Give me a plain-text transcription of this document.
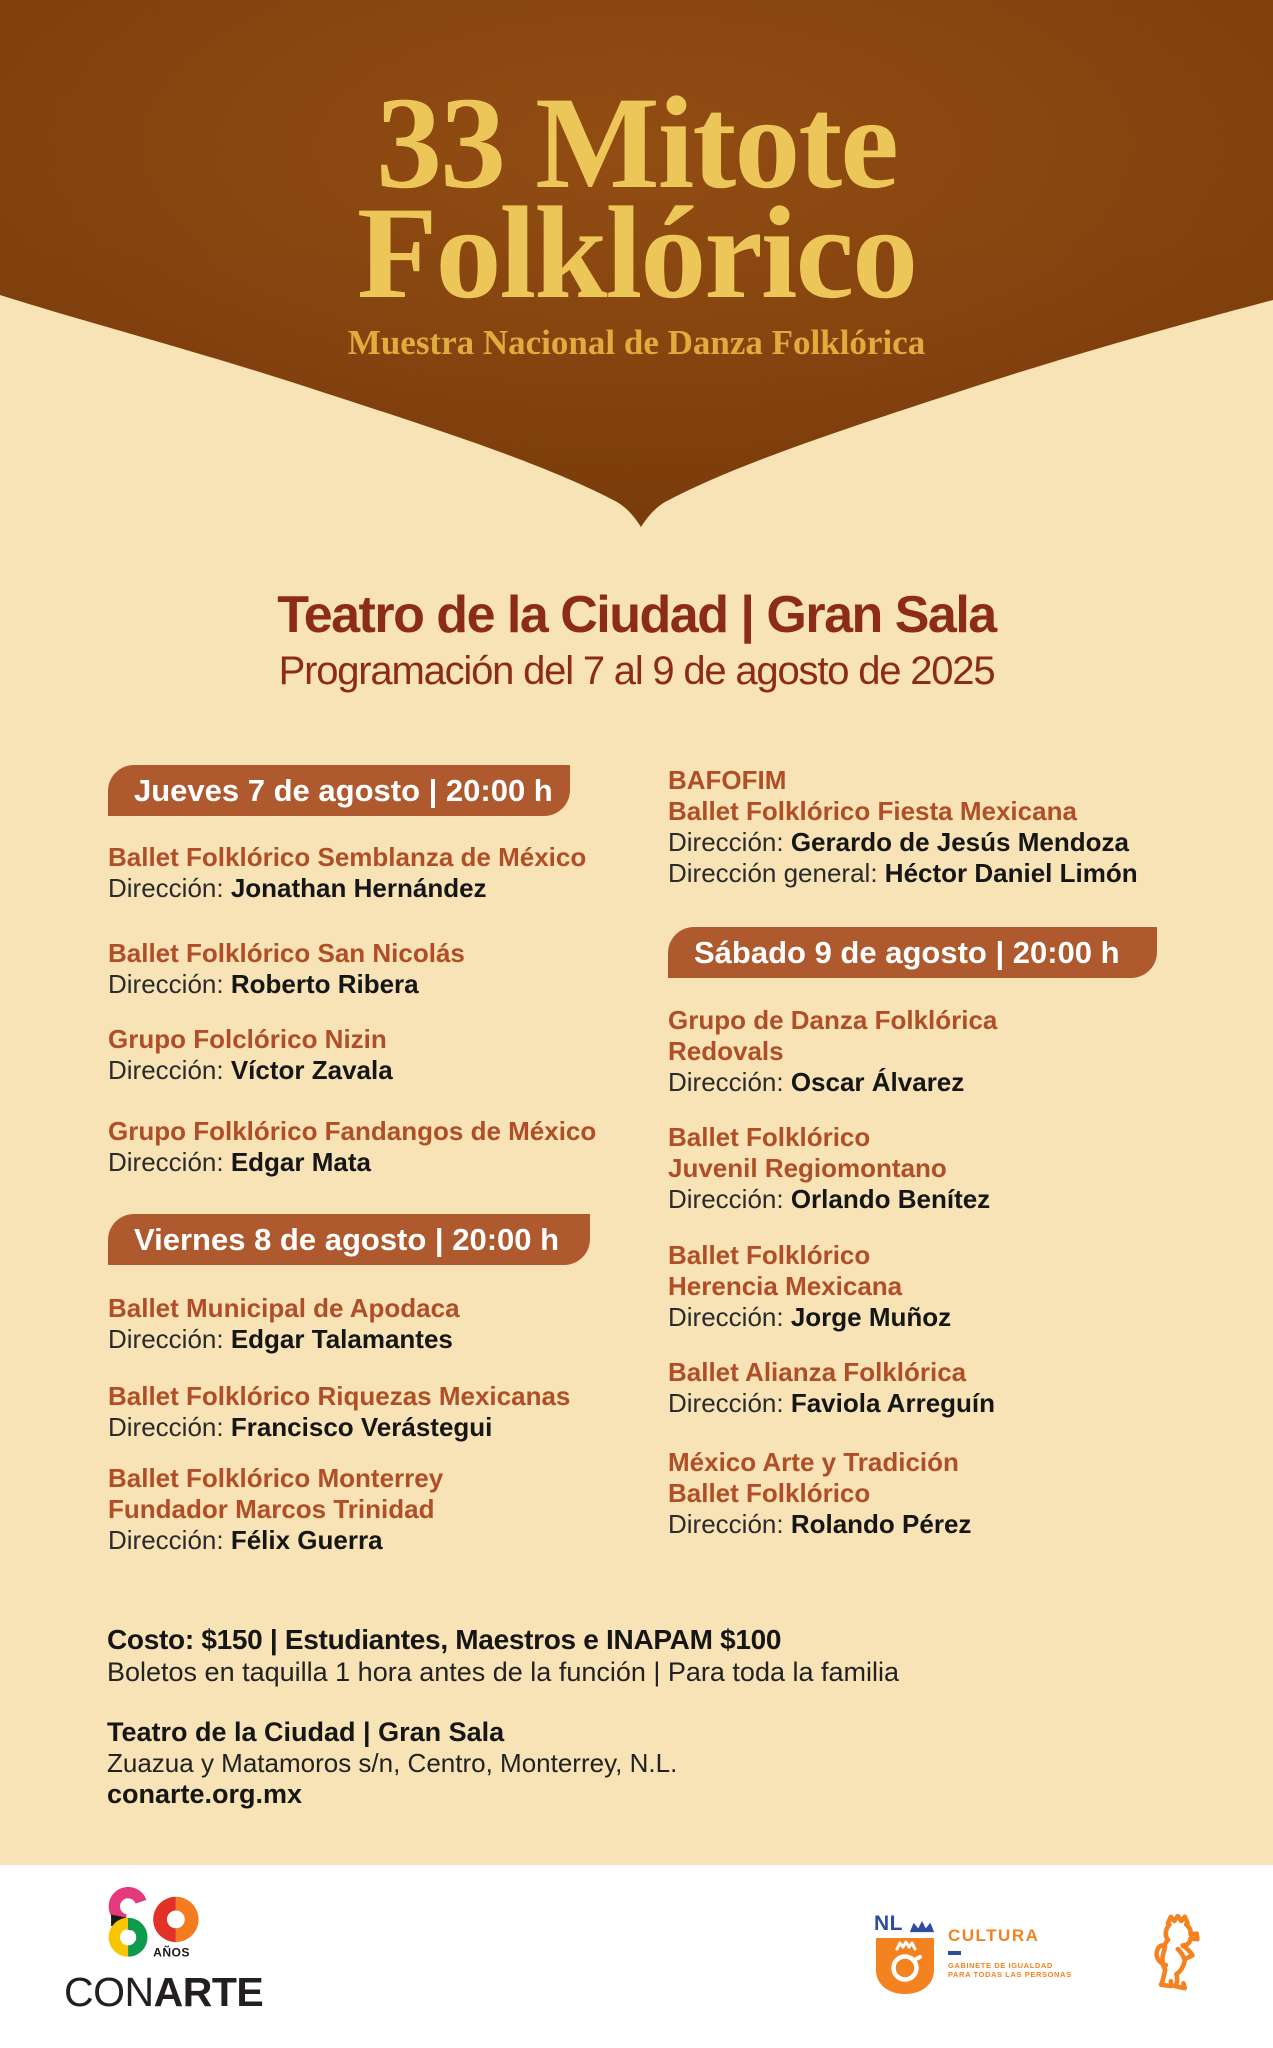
33 Mitote
Folklórico
Muestra Nacional de Danza Folklórica
Teatro de la Ciudad | Gran Sala
Programación del 7 al 9 de agosto de 2025
Jueves 7 de agosto | 20:00 h
Ballet Folklórico Semblanza de México
Dirección: Jonathan Hernández
Ballet Folklórico San Nicolás
Dirección: Roberto Ribera
Grupo Folclórico Nizin
Dirección: Víctor Zavala
Grupo Folklórico Fandangos de México
Dirección: Edgar Mata
Viernes 8 de agosto | 20:00 h
Ballet Municipal de Apodaca
Dirección: Edgar Talamantes
Ballet Folklórico Riquezas Mexicanas
Dirección: Francisco Verástegui
Ballet Folklórico Monterrey
Fundador Marcos Trinidad
Dirección: Félix Guerra
BAFOFIM
Ballet Folklórico Fiesta Mexicana
Dirección: Gerardo de Jesús Mendoza
Dirección general: Héctor Daniel Limón
Sábado 9 de agosto | 20:00 h
Grupo de Danza Folklórica
Redovals
Dirección: Oscar Álvarez
Ballet Folklórico
Juvenil Regiomontano
Dirección: Orlando Benítez
Ballet Folklórico
Herencia Mexicana
Dirección: Jorge Muñoz
Ballet Alianza Folklórica
Dirección: Faviola Arreguín
México Arte y Tradición
Ballet Folklórico
Dirección: Rolando Pérez
Costo: $150 | Estudiantes, Maestros e INAPAM $100
Boletos en taquilla 1 hora antes de la función | Para toda la familia
Teatro de la Ciudad | Gran Sala
Zuazua y Matamoros s/n, Centro, Monterrey, N.L.
conarte.org.mx
AÑOS
CONARTE
NL
CULTURA
GABINETE DE IGUALDAD
PARA TODAS LAS PERSONAS
